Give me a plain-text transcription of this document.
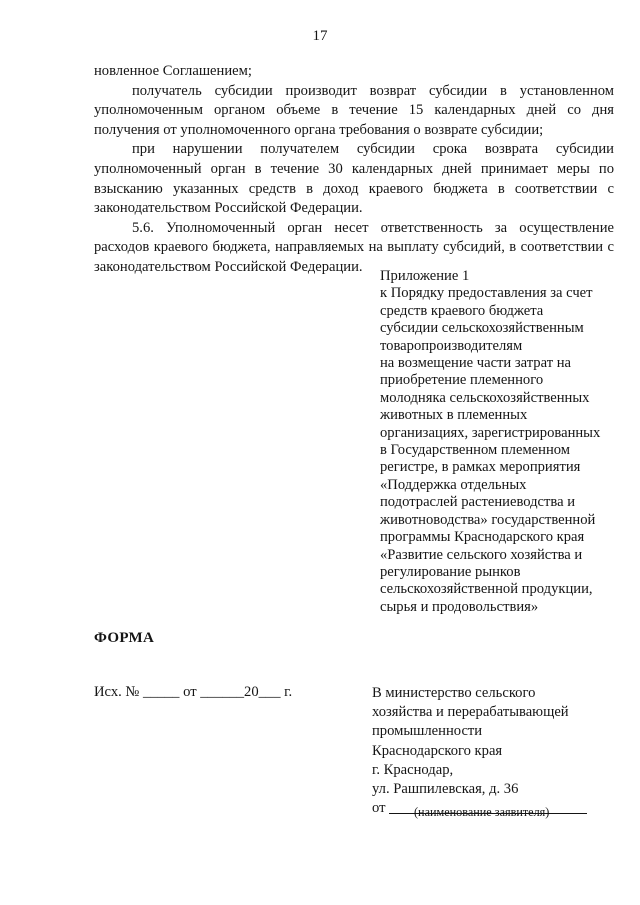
17

новленное Соглашением;

получатель субсидии производит возврат субсидии в установленном уполномоченным органом объеме в течение 15 календарных дней со дня получения от уполномоченного органа требования о возврате субсидии;

при нарушении получателем субсидии срока возврата субсидии уполномоченный орган в течение 30 календарных дней принимает меры по взысканию указанных средств в доход краевого бюджета в соответствии с законодательством Российской Федерации.

5.6. Уполномоченный орган несет ответственность за осуществление расходов краевого бюджета, направляемых на выплату субсидий, в соответствии с законодательством Российской Федерации.

Приложение 1
к Порядку предоставления за счет
средств краевого бюджета
субсидии сельскохозяйственным
товаропроизводителям
на возмещение части затрат на
приобретение племенного
молодняка сельскохозяйственных
животных в племенных
организациях, зарегистрированных
в Государственном племенном
регистре, в рамках мероприятия
«Поддержка отдельных
подотраслей растениеводства и
животноводства» государственной
программы Краснодарского края
«Развитие сельского хозяйства и
регулирование рынков
сельскохозяйственной продукции,
сырья и продовольствия»
ФОРМА
Исх. № _____ от ______20___ г.	В министерство сельского
хозяйства и перерабатывающей
промышленности
Краснодарского края
г. Краснодар,
ул. Рашпилевская, д. 36
от (наименование заявителя)
